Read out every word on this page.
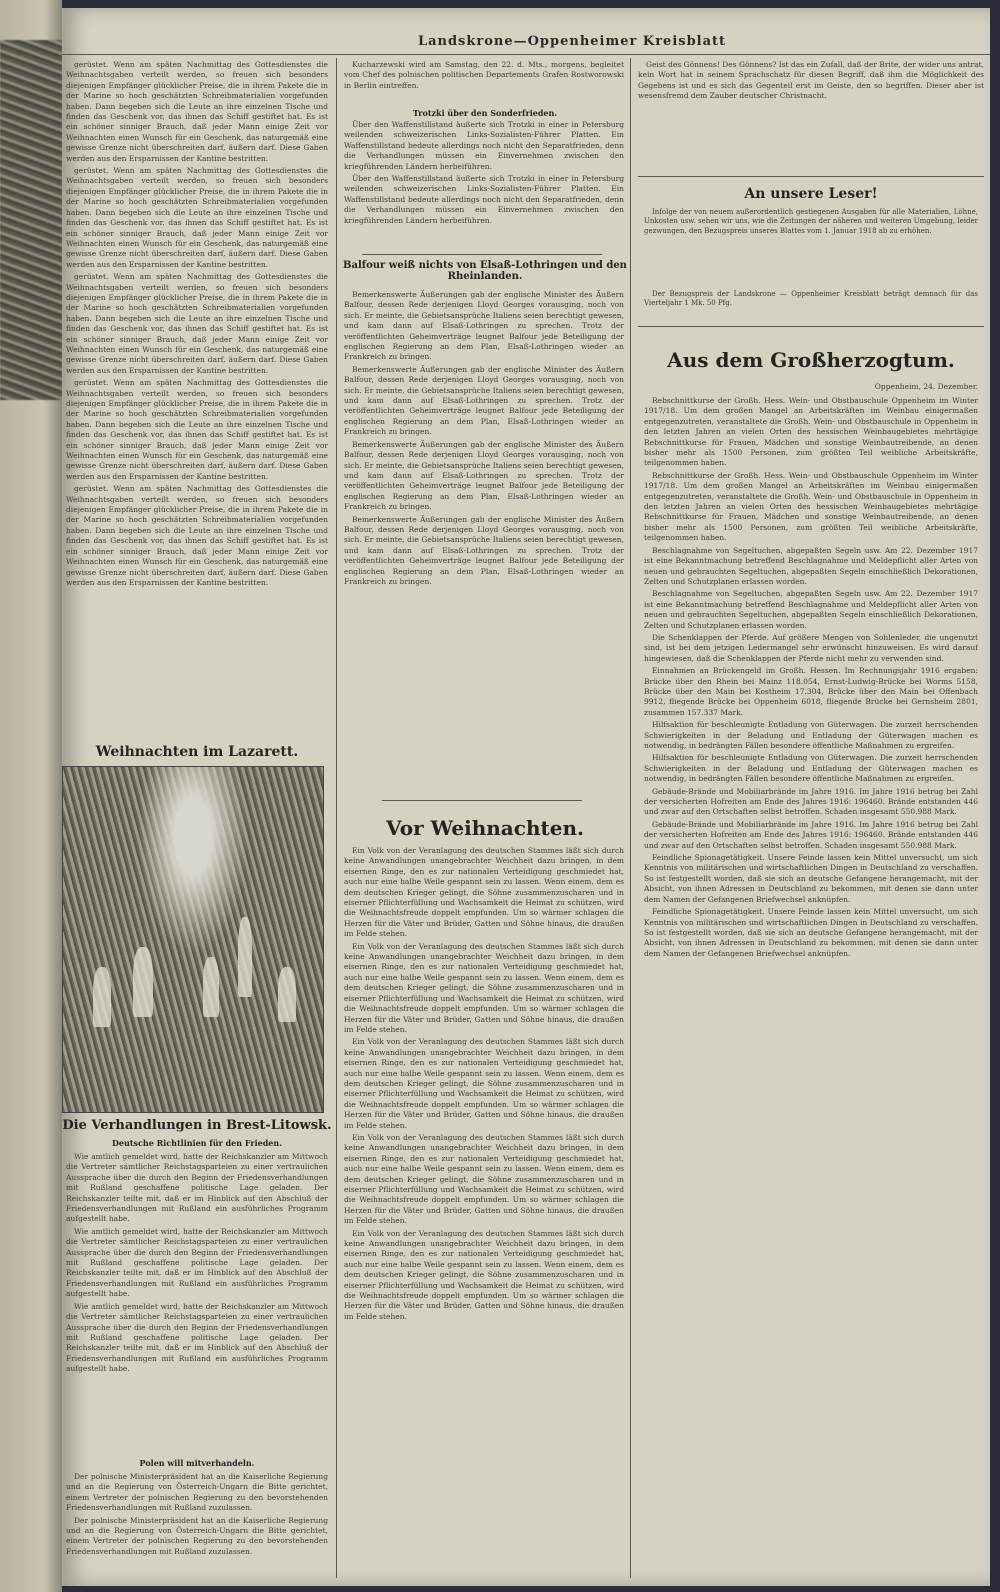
Landskrone—Oppenheimer Kreisblatt

gerüstet. Wenn am späten Nachmittag des Gottesdienstes die Weihnachtsgaben verteilt werden, so freuen sich besonders diejenigen Empfänger glücklicher Preise, die in ihrem Pakete die in der Marine so hoch geschätzten Schreibmaterialien vorgefunden haben. Dann begeben sich die Leute an ihre einzelnen Tische und finden das Geschenk vor, das ihnen das Schiff gestiftet hat. Es ist ein schöner sinniger Brauch, daß jeder Mann einige Zeit vor Weihnachten einen Wunsch für ein Geschenk, das naturgemäß eine gewisse Grenze nicht überschreiten darf, äußern darf. Diese Gaben werden aus den Ersparnissen der Kantine bestritten.

gerüstet. Wenn am späten Nachmittag des Gottesdienstes die Weihnachtsgaben verteilt werden, so freuen sich besonders diejenigen Empfänger glücklicher Preise, die in ihrem Pakete die in der Marine so hoch geschätzten Schreibmaterialien vorgefunden haben. Dann begeben sich die Leute an ihre einzelnen Tische und finden das Geschenk vor, das ihnen das Schiff gestiftet hat. Es ist ein schöner sinniger Brauch, daß jeder Mann einige Zeit vor Weihnachten einen Wunsch für ein Geschenk, das naturgemäß eine gewisse Grenze nicht überschreiten darf, äußern darf. Diese Gaben werden aus den Ersparnissen der Kantine bestritten.

gerüstet. Wenn am späten Nachmittag des Gottesdienstes die Weihnachtsgaben verteilt werden, so freuen sich besonders diejenigen Empfänger glücklicher Preise, die in ihrem Pakete die in der Marine so hoch geschätzten Schreibmaterialien vorgefunden haben. Dann begeben sich die Leute an ihre einzelnen Tische und finden das Geschenk vor, das ihnen das Schiff gestiftet hat. Es ist ein schöner sinniger Brauch, daß jeder Mann einige Zeit vor Weihnachten einen Wunsch für ein Geschenk, das naturgemäß eine gewisse Grenze nicht überschreiten darf, äußern darf. Diese Gaben werden aus den Ersparnissen der Kantine bestritten.

gerüstet. Wenn am späten Nachmittag des Gottesdienstes die Weihnachtsgaben verteilt werden, so freuen sich besonders diejenigen Empfänger glücklicher Preise, die in ihrem Pakete die in der Marine so hoch geschätzten Schreibmaterialien vorgefunden haben. Dann begeben sich die Leute an ihre einzelnen Tische und finden das Geschenk vor, das ihnen das Schiff gestiftet hat. Es ist ein schöner sinniger Brauch, daß jeder Mann einige Zeit vor Weihnachten einen Wunsch für ein Geschenk, das naturgemäß eine gewisse Grenze nicht überschreiten darf, äußern darf. Diese Gaben werden aus den Ersparnissen der Kantine bestritten.

gerüstet. Wenn am späten Nachmittag des Gottesdienstes die Weihnachtsgaben verteilt werden, so freuen sich besonders diejenigen Empfänger glücklicher Preise, die in ihrem Pakete die in der Marine so hoch geschätzten Schreibmaterialien vorgefunden haben. Dann begeben sich die Leute an ihre einzelnen Tische und finden das Geschenk vor, das ihnen das Schiff gestiftet hat. Es ist ein schöner sinniger Brauch, daß jeder Mann einige Zeit vor Weihnachten einen Wunsch für ein Geschenk, das naturgemäß eine gewisse Grenze nicht überschreiten darf, äußern darf. Diese Gaben werden aus den Ersparnissen der Kantine bestritten.

Weihnachten im Lazarett.
Die Verhandlungen in Brest-Litowsk.
Deutsche Richtlinien für den Frieden.

Wie amtlich gemeldet wird, hatte der Reichskanzler am Mittwoch die Vertreter sämtlicher Reichstagsparteien zu einer vertraulichen Aussprache über die durch den Beginn der Friedensverhandlungen mit Rußland geschaffene politische Lage geladen. Der Reichskanzler teilte mit, daß er im Hinblick auf den Abschluß der Friedensverhandlungen mit Rußland ein ausführliches Programm aufgestellt habe.

Wie amtlich gemeldet wird, hatte der Reichskanzler am Mittwoch die Vertreter sämtlicher Reichstagsparteien zu einer vertraulichen Aussprache über die durch den Beginn der Friedensverhandlungen mit Rußland geschaffene politische Lage geladen. Der Reichskanzler teilte mit, daß er im Hinblick auf den Abschluß der Friedensverhandlungen mit Rußland ein ausführliches Programm aufgestellt habe.

Wie amtlich gemeldet wird, hatte der Reichskanzler am Mittwoch die Vertreter sämtlicher Reichstagsparteien zu einer vertraulichen Aussprache über die durch den Beginn der Friedensverhandlungen mit Rußland geschaffene politische Lage geladen. Der Reichskanzler teilte mit, daß er im Hinblick auf den Abschluß der Friedensverhandlungen mit Rußland ein ausführliches Programm aufgestellt habe.

Polen will mitverhandeln.

Der polnische Ministerpräsident hat an die Kaiserliche Regierung und an die Regierung von Österreich-Ungarn die Bitte gerichtet, einem Vertreter der polnischen Regierung zu den bevorstehenden Friedensverhandlungen mit Rußland zuzulassen.

Der polnische Ministerpräsident hat an die Kaiserliche Regierung und an die Regierung von Österreich-Ungarn die Bitte gerichtet, einem Vertreter der polnischen Regierung zu den bevorstehenden Friedensverhandlungen mit Rußland zuzulassen.

Kucharzewski wird am Samstag, den 22. d. Mts., morgens, begleitet vom Chef des polnischen politischen Departements Grafen Rostworowski in Berlin eintreffen.

Trotzki über den Sonderfrieden.

Über den Waffenstillstand äußerte sich Trotzki in einer in Petersburg weilenden schweizerischen Links-Sozialisten-Führer Platten. Ein Waffenstillstand bedeute allerdings noch nicht den Separatfrieden, denn die Verhandlungen müssen ein Einvernehmen zwischen den kriegführenden Ländern herbeiführen.

Über den Waffenstillstand äußerte sich Trotzki in einer in Petersburg weilenden schweizerischen Links-Sozialisten-Führer Platten. Ein Waffenstillstand bedeute allerdings noch nicht den Separatfrieden, denn die Verhandlungen müssen ein Einvernehmen zwischen den kriegführenden Ländern herbeiführen.

Balfour weiß nichts von Elsaß-Lothringen und den Rheinlanden.

Bemerkenswerte Äußerungen gab der englische Minister des Äußern Balfour, dessen Rede derjenigen Lloyd Georges vorausging, noch von sich. Er meinte, die Gebietsansprüche Italiens seien berechtigt gewesen, und kam dann auf Elsaß-Lothringen zu sprechen. Trotz der veröffentlichten Geheimverträge leugnet Balfour jede Beteiligung der englischen Regierung an dem Plan, Elsaß-Lothringen wieder an Frankreich zu bringen.

Bemerkenswerte Äußerungen gab der englische Minister des Äußern Balfour, dessen Rede derjenigen Lloyd Georges vorausging, noch von sich. Er meinte, die Gebietsansprüche Italiens seien berechtigt gewesen, und kam dann auf Elsaß-Lothringen zu sprechen. Trotz der veröffentlichten Geheimverträge leugnet Balfour jede Beteiligung der englischen Regierung an dem Plan, Elsaß-Lothringen wieder an Frankreich zu bringen.

Bemerkenswerte Äußerungen gab der englische Minister des Äußern Balfour, dessen Rede derjenigen Lloyd Georges vorausging, noch von sich. Er meinte, die Gebietsansprüche Italiens seien berechtigt gewesen, und kam dann auf Elsaß-Lothringen zu sprechen. Trotz der veröffentlichten Geheimverträge leugnet Balfour jede Beteiligung der englischen Regierung an dem Plan, Elsaß-Lothringen wieder an Frankreich zu bringen.

Bemerkenswerte Äußerungen gab der englische Minister des Äußern Balfour, dessen Rede derjenigen Lloyd Georges vorausging, noch von sich. Er meinte, die Gebietsansprüche Italiens seien berechtigt gewesen, und kam dann auf Elsaß-Lothringen zu sprechen. Trotz der veröffentlichten Geheimverträge leugnet Balfour jede Beteiligung der englischen Regierung an dem Plan, Elsaß-Lothringen wieder an Frankreich zu bringen.

Vor Weihnachten.

Ein Volk von der Veranlagung des deutschen Stammes läßt sich durch keine Anwandlungen unangebrachter Weichheit dazu bringen, in dem eisernen Ringe, den es zur nationalen Verteidigung geschmiedet hat, auch nur eine halbe Weile gespannt sein zu lassen. Wenn einem, dem es dem deutschen Krieger gelingt, die Söhne zusammenzuscharen und in eiserner Pflichterfüllung und Wachsamkeit die Heimat zu schützen, wird die Weihnachtsfreude doppelt empfunden. Um so wärmer schlagen die Herzen für die Väter und Brüder, Gatten und Söhne hinaus, die draußen im Felde stehen.

Ein Volk von der Veranlagung des deutschen Stammes läßt sich durch keine Anwandlungen unangebrachter Weichheit dazu bringen, in dem eisernen Ringe, den es zur nationalen Verteidigung geschmiedet hat, auch nur eine halbe Weile gespannt sein zu lassen. Wenn einem, dem es dem deutschen Krieger gelingt, die Söhne zusammenzuscharen und in eiserner Pflichterfüllung und Wachsamkeit die Heimat zu schützen, wird die Weihnachtsfreude doppelt empfunden. Um so wärmer schlagen die Herzen für die Väter und Brüder, Gatten und Söhne hinaus, die draußen im Felde stehen.

Ein Volk von der Veranlagung des deutschen Stammes läßt sich durch keine Anwandlungen unangebrachter Weichheit dazu bringen, in dem eisernen Ringe, den es zur nationalen Verteidigung geschmiedet hat, auch nur eine halbe Weile gespannt sein zu lassen. Wenn einem, dem es dem deutschen Krieger gelingt, die Söhne zusammenzuscharen und in eiserner Pflichterfüllung und Wachsamkeit die Heimat zu schützen, wird die Weihnachtsfreude doppelt empfunden. Um so wärmer schlagen die Herzen für die Väter und Brüder, Gatten und Söhne hinaus, die draußen im Felde stehen.

Ein Volk von der Veranlagung des deutschen Stammes läßt sich durch keine Anwandlungen unangebrachter Weichheit dazu bringen, in dem eisernen Ringe, den es zur nationalen Verteidigung geschmiedet hat, auch nur eine halbe Weile gespannt sein zu lassen. Wenn einem, dem es dem deutschen Krieger gelingt, die Söhne zusammenzuscharen und in eiserner Pflichterfüllung und Wachsamkeit die Heimat zu schützen, wird die Weihnachtsfreude doppelt empfunden. Um so wärmer schlagen die Herzen für die Väter und Brüder, Gatten und Söhne hinaus, die draußen im Felde stehen.

Ein Volk von der Veranlagung des deutschen Stammes läßt sich durch keine Anwandlungen unangebrachter Weichheit dazu bringen, in dem eisernen Ringe, den es zur nationalen Verteidigung geschmiedet hat, auch nur eine halbe Weile gespannt sein zu lassen. Wenn einem, dem es dem deutschen Krieger gelingt, die Söhne zusammenzuscharen und in eiserner Pflichterfüllung und Wachsamkeit die Heimat zu schützen, wird die Weihnachtsfreude doppelt empfunden. Um so wärmer schlagen die Herzen für die Väter und Brüder, Gatten und Söhne hinaus, die draußen im Felde stehen.

Geist des Gönnens! Des Gönnens? Ist das ein Zufall, daß der Brite, der wider uns antrat, kein Wort hat in seinem Sprachschatz für diesen Begriff, daß ihm die Möglichkeit des Gegebens ist und es sich das Gegenteil erst im Geiste, den so begriffen. Dieser aber ist wesensfremd dem Zauber deutscher Christnacht.

An unsere Leser!

Infolge der von neuem außerordentlich gestiegenen Ausgaben für alle Materialien, Löhne, Unkosten usw. sehen wir uns, wie die Zeitungen der näheren und weiteren Umgebung, leider gezwungen, den Bezugspreis unseres Blattes vom 1. Januar 1918 ab zu erhöhen.

Der Bezugspreis der Landskrone — Oppenheimer Kreisblatt beträgt demnach für das Vierteljahr 1 Mk. 50 Pfg.

Aus dem Großherzogtum.
Oppenheim, 24. Dezember.

Rebschnittkurse der Großh. Hess. Wein- und Obstbauschule Oppenheim im Winter 1917/18. Um dem großen Mangel an Arbeitskräften im Weinbau einigermaßen entgegenzutreten, veranstaltete die Großh. Wein- und Obstbauschule in Oppenheim in den letzten Jahren an vielen Orten des hessischen Weinbaugebietes mehrtägige Rebschnittkurse für Frauen, Mädchen und sonstige Weinbautreibende, an denen bisher mehr als 1500 Personen, zum größten Teil weibliche Arbeitskräfte, teilgenommen haben.

Rebschnittkurse der Großh. Hess. Wein- und Obstbauschule Oppenheim im Winter 1917/18. Um dem großen Mangel an Arbeitskräften im Weinbau einigermaßen entgegenzutreten, veranstaltete die Großh. Wein- und Obstbauschule in Oppenheim in den letzten Jahren an vielen Orten des hessischen Weinbaugebietes mehrtägige Rebschnittkurse für Frauen, Mädchen und sonstige Weinbautreibende, an denen bisher mehr als 1500 Personen, zum größten Teil weibliche Arbeitskräfte, teilgenommen haben.

Beschlagnahme von Segeltuchen, abgepaßten Segeln usw. Am 22. Dezember 1917 ist eine Bekanntmachung betreffend Beschlagnahme und Meldepflicht aller Arten von neuen und gebrauchten Segeltuchen, abgepaßten Segeln einschließlich Dekorationen, Zelten und Schutzplanen erlassen worden.

Beschlagnahme von Segeltuchen, abgepaßten Segeln usw. Am 22. Dezember 1917 ist eine Bekanntmachung betreffend Beschlagnahme und Meldepflicht aller Arten von neuen und gebrauchten Segeltuchen, abgepaßten Segeln einschließlich Dekorationen, Zelten und Schutzplanen erlassen worden.

Die Schenklappen der Pferde. Auf größere Mengen von Sohlenleder, die ungenutzt sind, ist bei dem jetzigen Ledermangel sehr erwünscht hinzuweisen. Es wird darauf hingewiesen, daß die Schenklappen der Pferde nicht mehr zu verwenden sind.

Einnahmen an Brückengeld im Großh. Hessen. Im Rechnungsjahr 1916 ergaben: Brücke über den Rhein bei Mainz 118.054, Ernst-Ludwig-Brücke bei Worms 5158, Brücke über den Main bei Kostheim 17.304, Brücke über den Main bei Offenbach 9912, fliegende Brücke bei Oppenheim 6018, fliegende Brücke bei Gernsheim 2801, zusammen 157.337 Mark.

Hilfsaktion für beschleunigte Entladung von Güterwagen. Die zurzeit herrschenden Schwierigkeiten in der Beladung und Entladung der Güterwagen machen es notwendig, in bedrängten Fällen besondere öffentliche Maßnahmen zu ergreifen.

Hilfsaktion für beschleunigte Entladung von Güterwagen. Die zurzeit herrschenden Schwierigkeiten in der Beladung und Entladung der Güterwagen machen es notwendig, in bedrängten Fällen besondere öffentliche Maßnahmen zu ergreifen.

Gebäude-Brände und Mobiliarbrände im Jahre 1916. Im Jahre 1916 betrug bei Zahl der versicherten Hofreiten am Ende des Jahres 1916: 196460. Brände entstanden 446 und zwar auf den Ortschaften selbst betroffen. Schaden insgesamt 550.988 Mark.

Gebäude-Brände und Mobiliarbrände im Jahre 1916. Im Jahre 1916 betrug bei Zahl der versicherten Hofreiten am Ende des Jahres 1916: 196460. Brände entstanden 446 und zwar auf den Ortschaften selbst betroffen. Schaden insgesamt 550.988 Mark.

Feindliche Spionagetätigkeit. Unsere Feinde lassen kein Mittel unversucht, um sich Kenntnis von militärischen und wirtschaftlichen Dingen in Deutschland zu verschaffen. So ist festgestellt worden, daß sie sich an deutsche Gefangene herangemacht, mit der Absicht, von ihnen Adressen in Deutschland zu bekommen, mit denen sie dann unter dem Namen der Gefangenen Briefwechsel anknüpfen.

Feindliche Spionagetätigkeit. Unsere Feinde lassen kein Mittel unversucht, um sich Kenntnis von militärischen und wirtschaftlichen Dingen in Deutschland zu verschaffen. So ist festgestellt worden, daß sie sich an deutsche Gefangene herangemacht, mit der Absicht, von ihnen Adressen in Deutschland zu bekommen, mit denen sie dann unter dem Namen der Gefangenen Briefwechsel anknüpfen.
